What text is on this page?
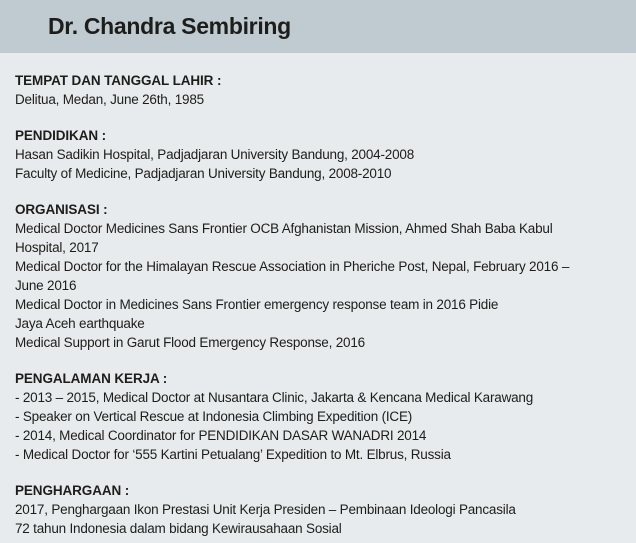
Dr. Chandra Sembiring
TEMPAT DAN TANGGAL LAHIR :
Delitua, Medan, June 26th, 1985
PENDIDIKAN :
Hasan Sadikin Hospital, Padjadjaran University Bandung, 2004-2008
Faculty of Medicine, Padjadjaran University Bandung, 2008-2010
ORGANISASI :
Medical Doctor Medicines Sans Frontier OCB Afghanistan Mission, Ahmed Shah Baba Kabul
Hospital, 2017
Medical Doctor for the Himalayan Rescue Association in Pheriche Post, Nepal, February 2016 –
June 2016
Medical Doctor in Medicines Sans Frontier emergency response team in 2016 Pidie
Jaya Aceh earthquake
Medical Support in Garut Flood Emergency Response, 2016
PENGALAMAN KERJA :
- 2013 – 2015, Medical Doctor at Nusantara Clinic, Jakarta & Kencana Medical Karawang
- Speaker on Vertical Rescue at Indonesia Climbing Expedition (ICE)
- 2014, Medical Coordinator for PENDIDIKAN DASAR WANADRI 2014
- Medical Doctor for ‘555 Kartini Petualang’ Expedition to Mt. Elbrus, Russia
PENGHARGAAN :
2017, Penghargaan Ikon Prestasi Unit Kerja Presiden – Pembinaan Ideologi Pancasila
72 tahun Indonesia dalam bidang Kewirausahaan Sosial
